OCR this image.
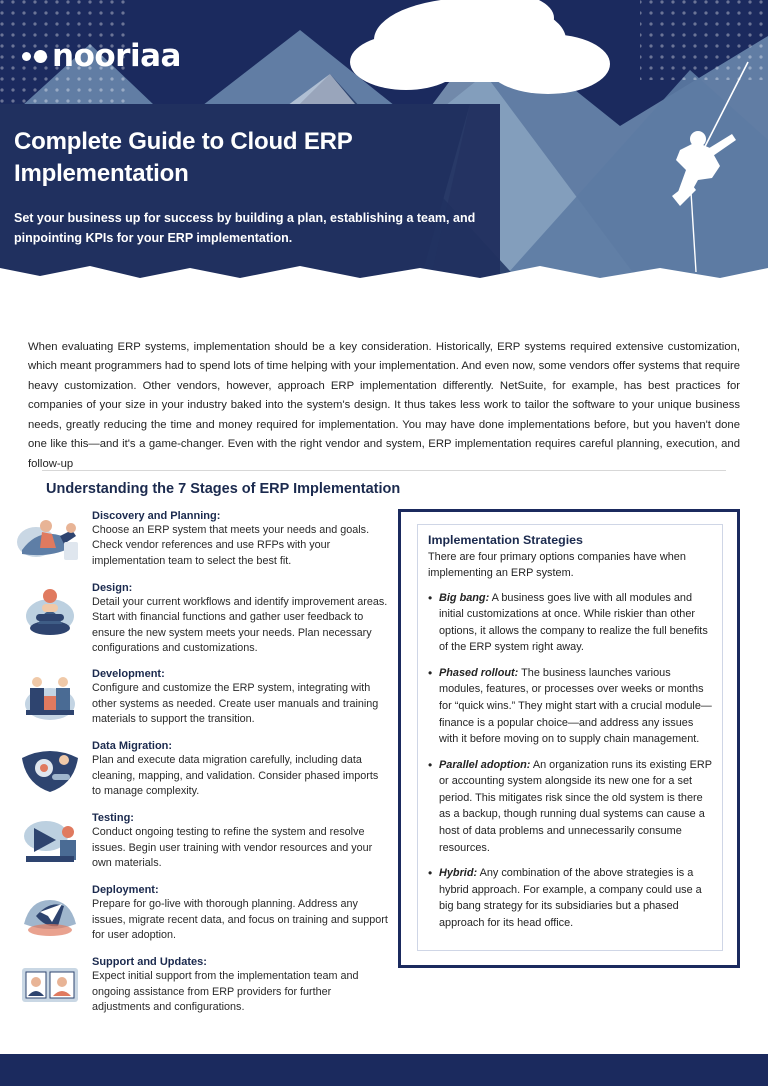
nooriaa
Complete Guide to Cloud ERP Implementation
Set your business up for success by building a plan, establishing a team, and pinpointing KPIs for your ERP implementation.

When evaluating ERP systems, implementation should be a key consideration. Historically, ERP systems required extensive customization, which meant programmers had to spend lots of time helping with your implementation. And even now, some vendors offer systems that require heavy customization. Other vendors, however, approach ERP implementation differently. NetSuite, for example, has best practices for companies of your size in your industry baked into the system's design. It thus takes less work to tailor the software to your unique business needs, greatly reducing the time and money required for implementation. You may have done implementations before, but you haven't done one like this—and it's a game-changer. Even with the right vendor and system, ERP implementation requires careful planning, execution, and follow-up

Understanding the 7 Stages of ERP Implementation
Discovery and Planning:
Choose an ERP system that meets your needs and goals. Check vendor references and use RFPs with your implementation team to select the best fit.
Design:
Detail your current workflows and identify improvement areas. Start with financial functions and gather user feedback to ensure the new system meets your needs. Plan necessary configurations and customizations.
Development:
Configure and customize the ERP system, integrating with other systems as needed. Create user manuals and training materials to support the transition.
Data Migration:
Plan and execute data migration carefully, including data cleaning, mapping, and validation. Consider phased imports to manage complexity.
Testing:
Conduct ongoing testing to refine the system and resolve issues. Begin user training with vendor resources and your own materials.
Deployment:
Prepare for go-live with thorough planning. Address any issues, migrate recent data, and focus on training and support for user adoption.
Support and Updates:
Expect initial support from the implementation team and ongoing assistance from ERP providers for further adjustments and configurations.
Implementation Strategies
There are four primary options companies have when implementing an ERP system.
• Big bang: A business goes live with all modules and initial customizations at once. While riskier than other options, it allows the company to realize the full benefits of the ERP system right away.
• Phased rollout: The business launches various modules, features, or processes over weeks or months for “quick wins.” They might start with a crucial module—finance is a popular choice—and address any issues with it before moving on to supply chain management.
• Parallel adoption: An organization runs its existing ERP or accounting system alongside its new one for a set period. This mitigates risk since the old system is there as a backup, though running dual systems can cause a host of data problems and unnecessarily consume resources.
• Hybrid: Any combination of the above strategies is a hybrid approach. For example, a company could use a big bang strategy for its subsidiaries but a phased approach for its head office.
